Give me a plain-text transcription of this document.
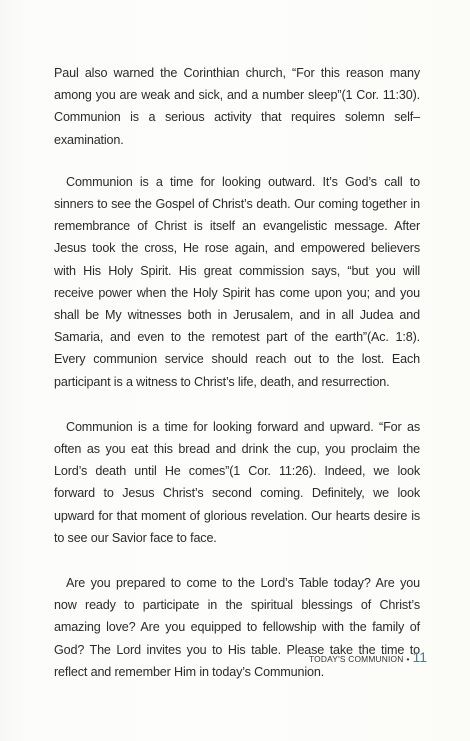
Paul also warned the Corinthian church, “For this reason many among you are weak and sick, and a number sleep”(1 Cor. 11:30). Communion is a serious activity that requires solemn self–examination.

Communion is a time for looking outward. It’s God’s call to sinners to see the Gospel of Christ’s death. Our coming together in remembrance of Christ is itself an evangelistic message. After Jesus took the cross, He rose again, and empowered believers with His Holy Spirit. His great commission says, “but you will receive power when the Holy Spirit has come upon you; and you shall be My witnesses both in Jerusalem, and in all Judea and Samaria, and even to the remotest part of the earth”(Ac. 1:8). Every communion service should reach out to the lost. Each participant is a witness to Christ’s life, death, and resurrection.

Communion is a time for looking forward and upward. “For as often as you eat this bread and drink the cup, you proclaim the Lord’s death until He comes”(1 Cor. 11:26). Indeed, we look forward to Jesus Christ’s second coming. Definitely, we look upward for that moment of glorious revelation. Our hearts desire is to see our Savior face to face.

Are you prepared to come to the Lord’s Table today? Are you now ready to participate in the spiritual blessings of Christ’s amazing love? Are you equipped to fellowship with the family of God? The Lord invites you to His table. Please take the time to reflect and remember Him in today’s Communion.

TODAY'S COMMUNION • 11
